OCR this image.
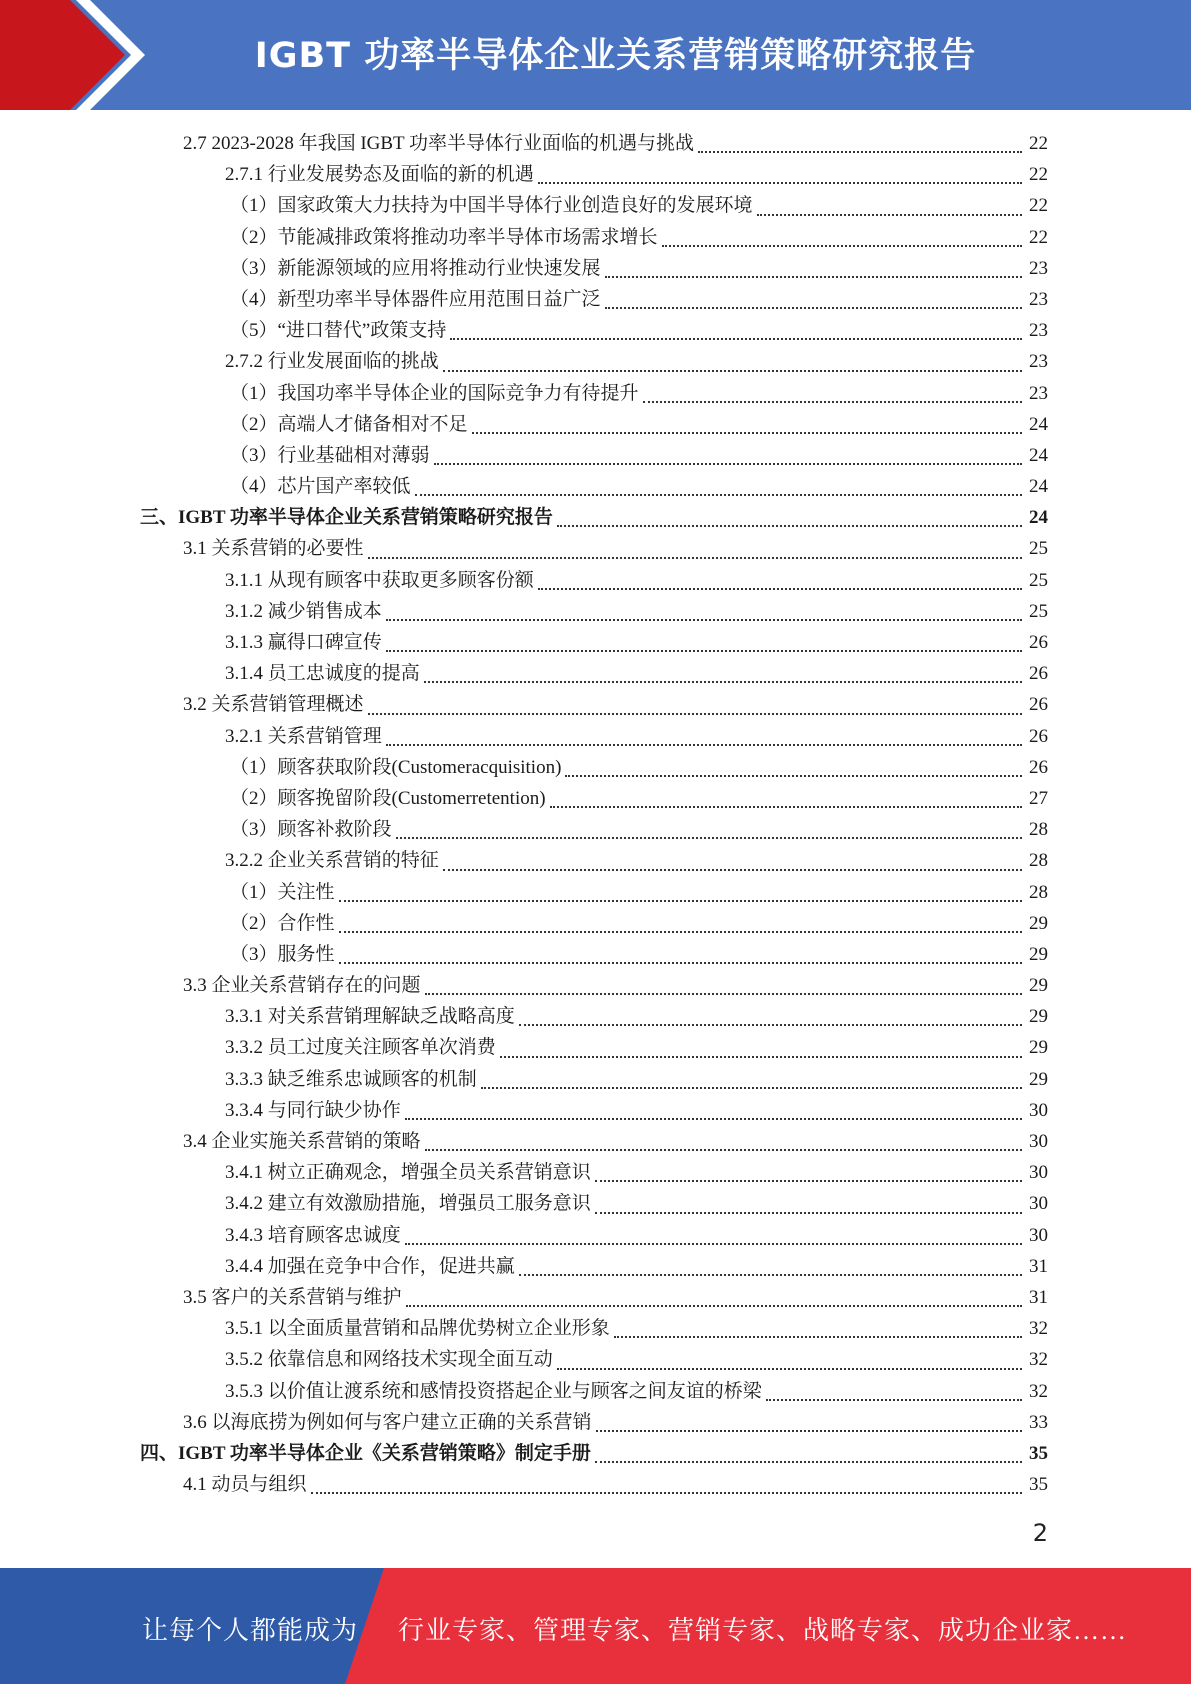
IGBT 功率半导体企业关系营销策略研究报告
2.7 2023-2028 年我国 IGBT 功率半导体行业面临的机遇与挑战	22
2.7.1 行业发展势态及面临的新的机遇	22
（1）国家政策大力扶持为中国半导体行业创造良好的发展环境	22
（2）节能减排政策将推动功率半导体市场需求增长	22
（3）新能源领域的应用将推动行业快速发展	23
（4）新型功率半导体器件应用范围日益广泛	23
（5）“进口替代”政策支持	23
2.7.2 行业发展面临的挑战	23
（1）我国功率半导体企业的国际竞争力有待提升	23
（2）高端人才储备相对不足	24
（3）行业基础相对薄弱	24
（4）芯片国产率较低	24
三、IGBT 功率半导体企业关系营销策略研究报告	24
3.1 关系营销的必要性	25
3.1.1 从现有顾客中获取更多顾客份额	25
3.1.2 减少销售成本	25
3.1.3 赢得口碑宣传	26
3.1.4 员工忠诚度的提高	26
3.2 关系营销管理概述	26
3.2.1 关系营销管理	26
（1）顾客获取阶段(Customeracquisition)	26
（2）顾客挽留阶段(Customerretention)	27
（3）顾客补救阶段	28
3.2.2 企业关系营销的特征	28
（1）关注性	28
（2）合作性	29
（3）服务性	29
3.3 企业关系营销存在的问题	29
3.3.1 对关系营销理解缺乏战略高度	29
3.3.2 员工过度关注顾客单次消费	29
3.3.3 缺乏维系忠诚顾客的机制	29
3.3.4 与同行缺少协作	30
3.4 企业实施关系营销的策略	30
3.4.1 树立正确观念，增强全员关系营销意识	30
3.4.2 建立有效激励措施，增强员工服务意识	30
3.4.3 培育顾客忠诚度	30
3.4.4 加强在竞争中合作，促进共赢	31
3.5 客户的关系营销与维护	31
3.5.1 以全面质量营销和品牌优势树立企业形象	32
3.5.2 依靠信息和网络技术实现全面互动	32
3.5.3 以价值让渡系统和感情投资搭起企业与顾客之间友谊的桥梁	32
3.6 以海底捞为例如何与客户建立正确的关系营销	33
四、IGBT 功率半导体企业《关系营销策略》制定手册	35
4.1 动员与组织	35
2
让每个人都能成为 行业专家、管理专家、营销专家、战略专家、成功企业家……
